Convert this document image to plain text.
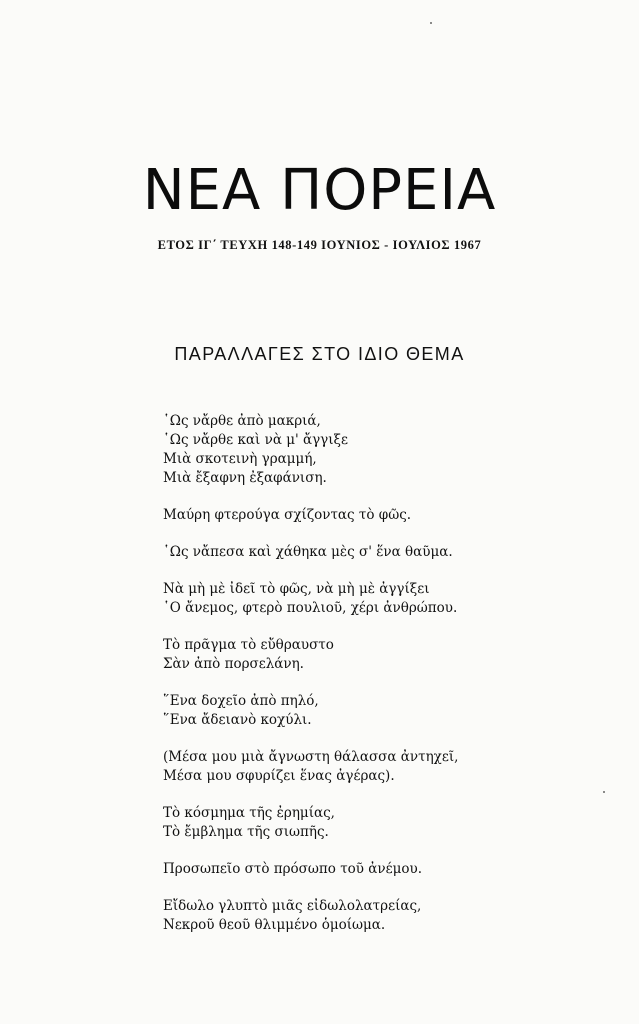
ΝΕΑ ΠΟΡΕΙΑ
ΕΤΟΣ ΙΓ΄ ΤΕΥΧΗ 148-149 ΙΟΥΝΙΟΣ - ΙΟΥΛΙΟΣ 1967
ΠΑΡΑΛΛΑΓΕΣ ΣΤΟ ΙΔΙΟ ΘΕΜΑ
῾Ως νἄρθε ἀπὸ μακριά,
῾Ως νἄρθε καὶ νὰ μ' ἄγγιξε
Μιὰ σκοτεινὴ γραμμή,
Μιὰ ἔξαφνη ἐξαφάνιση.
Μαύρη φτερούγα σχίζοντας τὸ φῶς.
῾Ως νἄπεσα καὶ χάθηκα μὲς σ' ἕνα θαῦμα.
Νὰ μὴ μὲ ἰδεῖ τὸ φῶς, νὰ μὴ μὲ ἀγγίξει
῾Ο ἄνεμος, φτερὸ πουλιοῦ, χέρι ἀνθρώπου.
Τὸ πρᾶγμα τὸ εὔθραυστο
Σὰν ἀπὸ πορσελάνη.
῞Ενα δοχεῖο ἀπὸ πηλό,
῞Ενα ἄδειανὸ κοχύλι.
(Μέσα μου μιὰ ἄγνωστη θάλασσα ἀντηχεῖ,
Μέσα μου σφυρίζει ἕνας ἀγέρας).
Τὸ κόσμημα τῆς ἐρημίας,
Τὸ ἔμβλημα τῆς σιωπῆς.
Προσωπεῖο στὸ πρόσωπο τοῦ ἀνέμου.
Εἴδωλο γλυπτὸ μιᾶς εἰδωλολατρείας,
Νεκροῦ θεοῦ θλιμμένο ὁμοίωμα.
